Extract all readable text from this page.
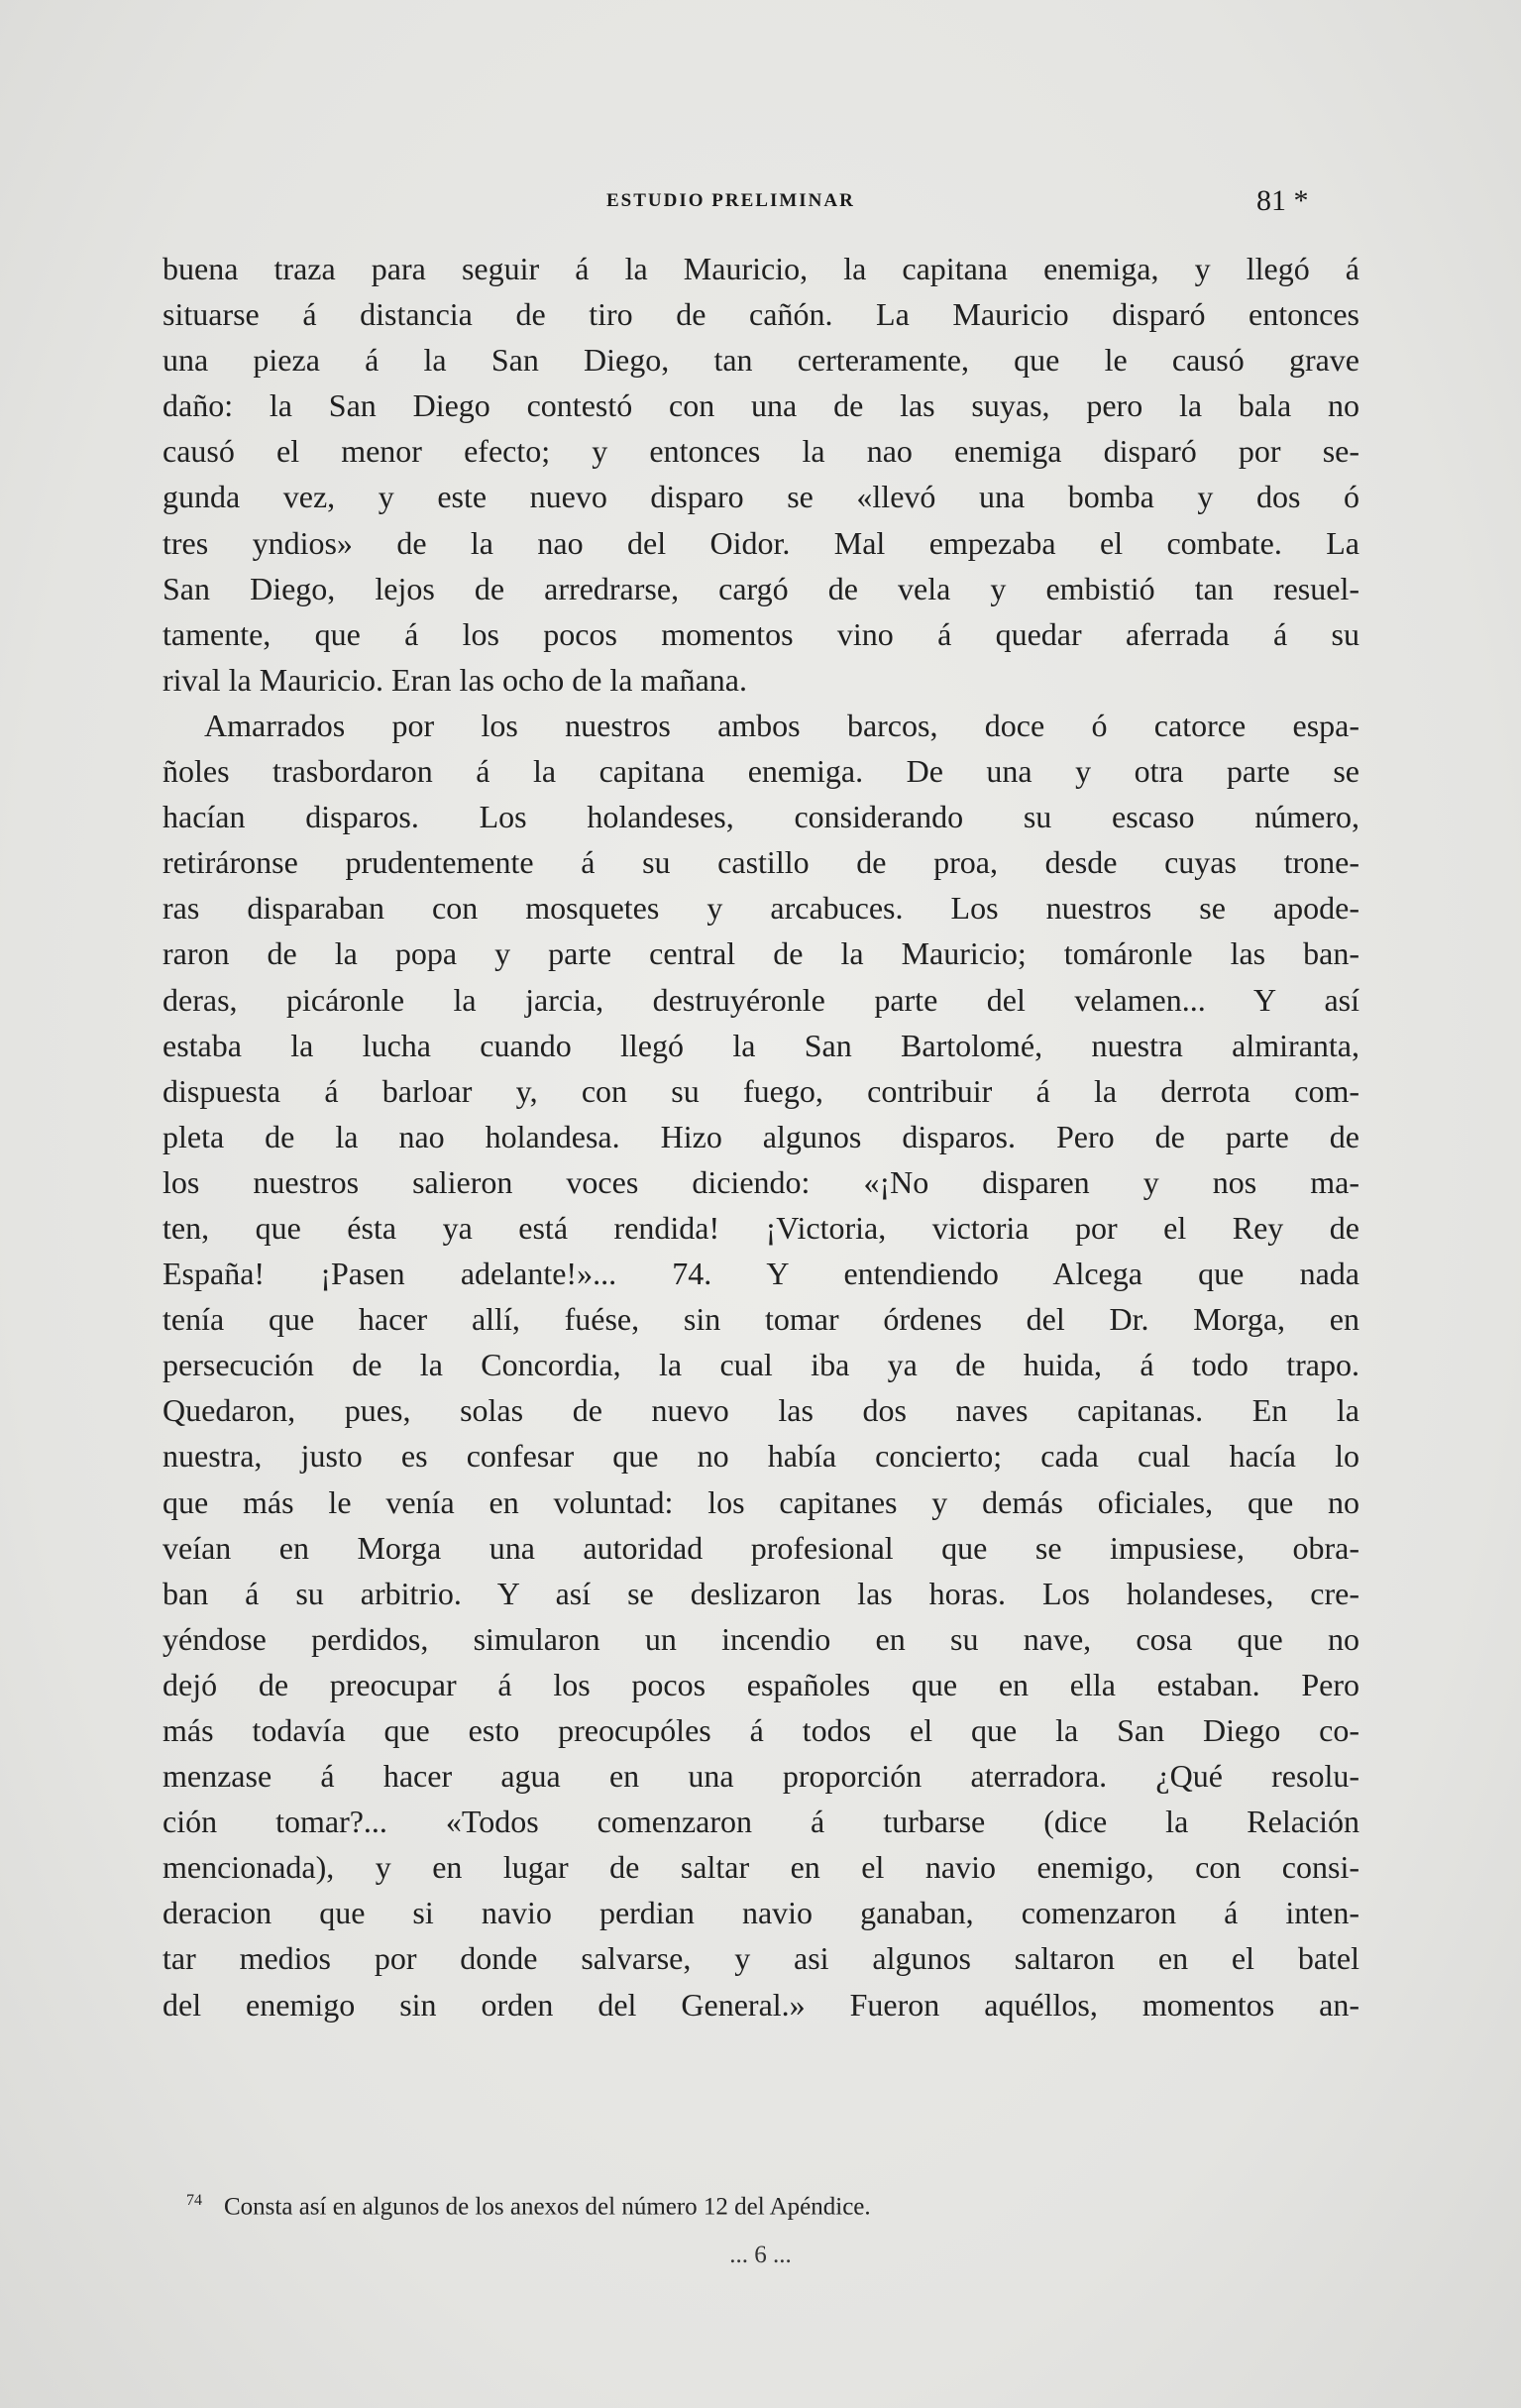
ESTUDIO PRELIMINAR	81 *
buena traza para seguir á la Mauricio, la capitana enemiga, y llegó á
situarse á distancia de tiro de cañón. La Mauricio disparó entonces
una pieza á la San Diego, tan certeramente, que le causó grave
daño: la San Diego contestó con una de las suyas, pero la bala no
causó el menor efecto; y entonces la nao enemiga disparó por se-
gunda vez, y este nuevo disparo se «llevó una bomba y dos ó
tres yndios» de la nao del Oidor. Mal empezaba el combate. La
San Diego, lejos de arredrarse, cargó de vela y embistió tan resuel-
tamente, que á los pocos momentos vino á quedar aferrada á su
rival la Mauricio. Eran las ocho de la mañana.
Amarrados por los nuestros ambos barcos, doce ó catorce espa-
ñoles trasbordaron á la capitana enemiga. De una y otra parte se
hacían disparos. Los holandeses, considerando su escaso número,
retiráronse prudentemente á su castillo de proa, desde cuyas trone-
ras disparaban con mosquetes y arcabuces. Los nuestros se apode-
raron de la popa y parte central de la Mauricio; tomáronle las ban-
deras, picáronle la jarcia, destruyéronle parte del velamen... Y así
estaba la lucha cuando llegó la San Bartolomé, nuestra almiranta,
dispuesta á barloar y, con su fuego, contribuir á la derrota com-
pleta de la nao holandesa. Hizo algunos disparos. Pero de parte de
los nuestros salieron voces diciendo: «¡No disparen y nos ma-
ten, que ésta ya está rendida! ¡Victoria, victoria por el Rey de
España! ¡Pasen adelante!»... 74. Y entendiendo Alcega que nada
tenía que hacer allí, fuése, sin tomar órdenes del Dr. Morga, en
persecución de la Concordia, la cual iba ya de huida, á todo trapo.
Quedaron, pues, solas de nuevo las dos naves capitanas. En la
nuestra, justo es confesar que no había concierto; cada cual hacía lo
que más le venía en voluntad: los capitanes y demás oficiales, que no
veían en Morga una autoridad profesional que se impusiese, obra-
ban á su arbitrio. Y así se deslizaron las horas. Los holandeses, cre-
yéndose perdidos, simularon un incendio en su nave, cosa que no
dejó de preocupar á los pocos españoles que en ella estaban. Pero
más todavía que esto preocupóles á todos el que la San Diego co-
menzase á hacer agua en una proporción aterradora. ¿Qué resolu-
ción tomar?... «Todos comenzaron á turbarse (dice la Relación
mencionada), y en lugar de saltar en el navio enemigo, con consi-
deracion que si navio perdian navio ganaban, comenzaron á inten-
tar medios por donde salvarse, y asi algunos saltaron en el batel
del enemigo sin orden del General.» Fueron aquéllos, momentos an-
$^{74}$ Consta así en algunos de los anexos del número 12 del Apéndice.
... 6 ...
